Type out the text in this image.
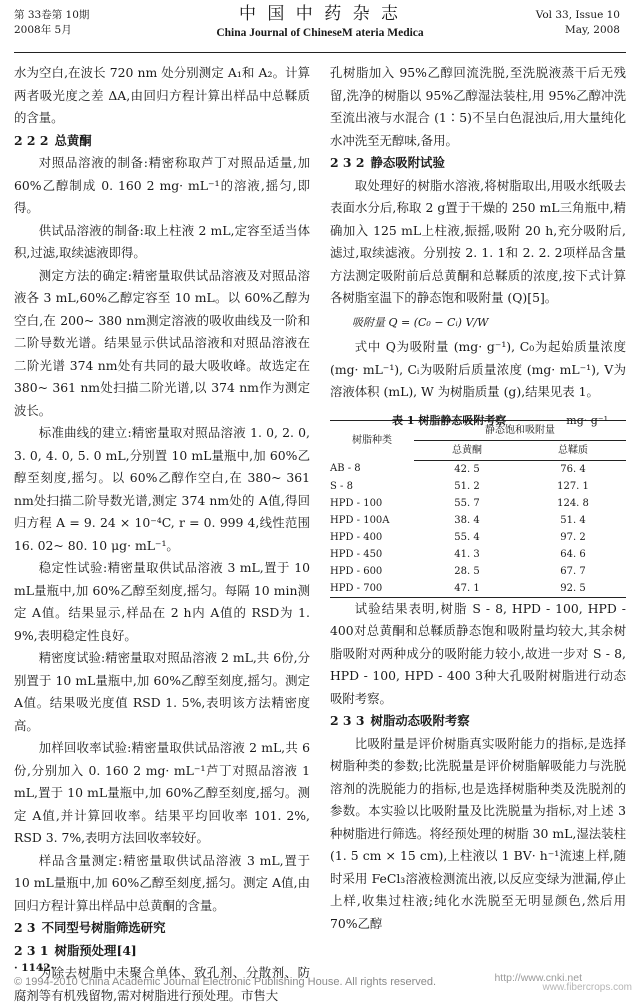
第 33卷第 10期
2008年 5月
中 国 中 药 杂 志
China Journal of ChineseM ateria Medica
Vol 33, Issue 10
May, 2008

水为空白,在波长 720 nm 处分别测定 A₁和 A₂。计算两者吸光度之差 ΔA,由回归方程计算出样品中总鞣质的含量。

2 2 2 总黄酮

对照品溶液的制备:精密称取芦丁对照品适量,加 60%乙醇制成 0. 160 2 mg· mL⁻¹的溶液,摇匀,即得。

供试品溶液的制备:取上柱液 2 mL,定容至适当体积,过滤,取续滤液即得。

测定方法的确定:精密量取供试品溶液及对照品溶液各 3 mL,60%乙醇定容至 10 mL。以 60%乙醇为空白,在 200~ 380 nm测定溶液的吸收曲线及一阶和二阶导数光谱。结果显示供试品溶液和对照品溶液在二阶光谱 374 nm处有共同的最大吸收峰。故选定在 380~ 361 nm处扫描二阶光谱,以 374 nm作为测定波长。

标准曲线的建立:精密量取对照品溶液 1. 0, 2. 0, 3. 0, 4. 0, 5. 0 mL,分别置 10 mL量瓶中,加 60%乙醇至刻度,摇匀。以 60%乙醇作空白,在 380~ 361 nm处扫描二阶导数光谱,测定 374 nm处的 A值,得回归方程 A = 9. 24 × 10⁻⁴C, r = 0. 999 4,线性范围 16. 02~ 80. 10 μg· mL⁻¹。

稳定性试验:精密量取供试品溶液 3 mL,置于 10 mL量瓶中,加 60%乙醇至刻度,摇匀。每隔 10 min测定 A值。结果显示,样品在 2 h内 A值的 RSD为 1. 9%,表明稳定性良好。

精密度试验:精密量取对照品溶液 2 mL,共 6份,分别置于 10 mL量瓶中,加 60%乙醇至刻度,摇匀。测定 A值。结果吸光度值 RSD 1. 5%,表明该方法精密度高。

加样回收率试验:精密量取供试品溶液 2 mL,共 6份,分别加入 0. 160 2 mg· mL⁻¹芦丁对照品溶液 1 mL,置于 10 mL量瓶中,加 60%乙醇至刻度,摇匀。测定 A值,并计算回收率。结果平均回收率 101. 2%, RSD 3. 7%,表明方法回收率较好。

样品含量测定:精密量取供试品溶液 3 mL,置于 10 mL量瓶中,加 60%乙醇至刻度,摇匀。测定 A值,由回归方程计算出样品中总黄酮的含量。

2 3 不同型号树脂筛选研究

2 3 1 树脂预处理[4]

为除去树脂中未聚合单体、致孔剂、分散剂、防腐剂等有机残留物,需对树脂进行预处理。市售大

孔树脂加入 95%乙醇回流洗脱,至洗脱液蒸干后无残留,洗净的树脂以 95%乙醇湿法装柱,用 95%乙醇冲洗至流出液与水混合 (1∶5)不呈白色混浊后,用大量纯化水冲洗至无醇味,备用。

2 3 2 静态吸附试验

取处理好的树脂水溶液,将树脂取出,用吸水纸吸去表面水分后,称取 2 g置于干燥的 250 mL三角瓶中,精确加入 125 mL上柱液,振摇,吸附 20 h,充分吸附后,滤过,取续滤液。分别按 2. 1. 1和 2. 2. 2项样品含量方法测定吸附前后总黄酮和总鞣质的浓度,按下式计算各树脂室温下的静态饱和吸附量 (Q)[5]。

吸附量 Q = (C₀ − Cᵢ) V/W

式中 Q为吸附量 (mg· g⁻¹), C₀为起始质量浓度 (mg· mL⁻¹), Cᵢ为吸附后质量浓度 (mg· mL⁻¹), V为溶液体积 (mL), W 为树脂质量 (g),结果见表 1。

表 1 树脂静态吸附考察	mg· g⁻¹
树脂种类	静态饱和吸附量	
	总黄酮	总鞣质
AB - 8	42. 5	76. 4
S - 8	51. 2	127. 1
HPD - 100	55. 7	124. 8
HPD - 100A	38. 4	51. 4
HPD - 400	55. 4	97. 2
HPD - 450	41. 3	64. 6
HPD - 600	28. 5	67. 7
HPD - 700	47. 1	92. 5

试验结果表明,树脂 S - 8, HPD - 100, HPD - 400对总黄酮和总鞣质静态饱和吸附量均较大,其余树脂吸附对两种成分的吸附能力较小,故进一步对 S - 8, HPD - 100, HPD - 400 3种大孔吸附树脂进行动态吸附考察。

2 3 3 树脂动态吸附考察

比吸附量是评价树脂真实吸附能力的指标,是选择树脂种类的参数;比洗脱量是评价树脂解吸能力与洗脱溶剂的洗脱能力的指标,也是选择树脂种类及洗脱剂的参数。本实验以比吸附量及比洗脱量为指标,对上述 3种树脂进行筛选。将经预处理的树脂 30 mL,湿法装柱 (1. 5 cm × 15 cm),上柱液以 1 BV· h⁻¹流速上样,随时采用 FeCl₃溶液检测流出液,以反应变绿为泄漏,停止上样,收集过柱液;纯化水洗脱至无明显颜色,然后用 70%乙醇

· 1142·
© 1994-2010 China Academic Journal Electronic Publishing House. All rights reserved.	http://www.cnki.net
www.fibercrops.com
